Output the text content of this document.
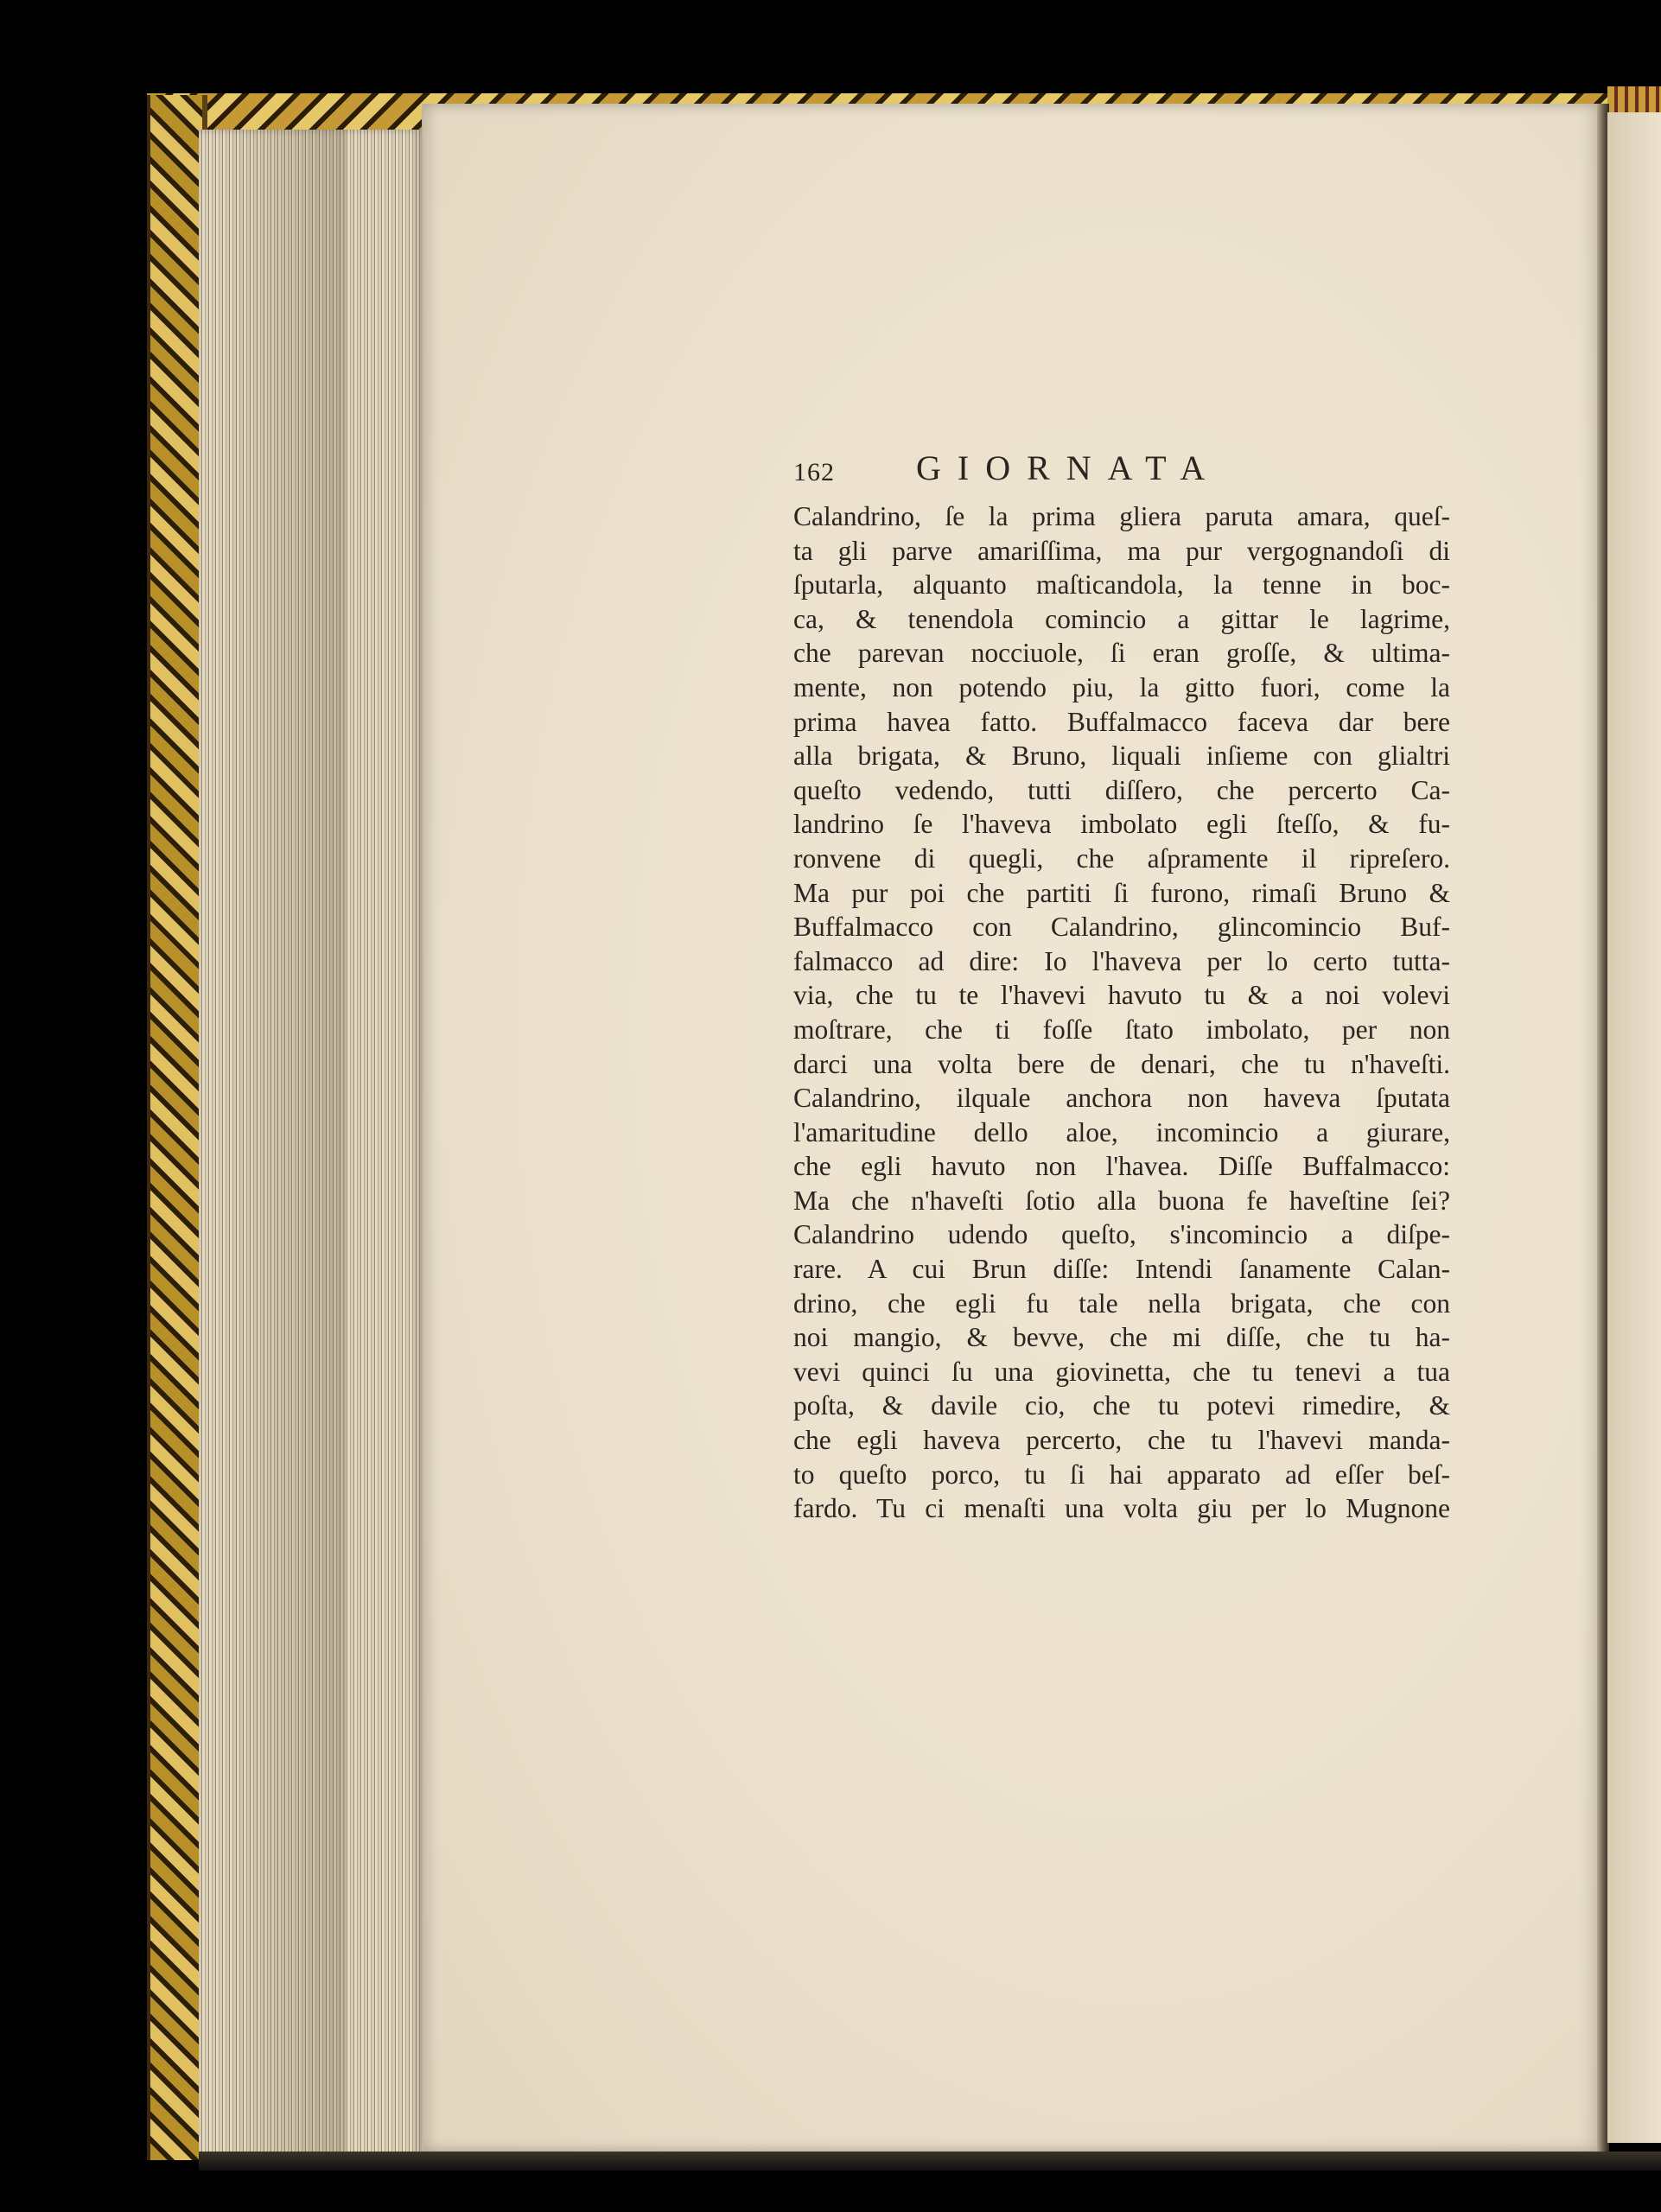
162 GIORNATA
Calandrino, ſe la prima gliera paruta amara, queſ-
ta gli parve amariſſima, ma pur vergognandoſi di
ſputarla, alquanto maſticandola, la tenne in boc-
ca, & tenendola comincio a gittar le lagrime,
che parevan nocciuole, ſi eran groſſe, & ultima-
mente, non potendo piu, la gitto fuori, come la
prima havea fatto. Buffalmacco faceva dar bere
alla brigata, & Bruno, liquali inſieme con glialtri
queſto vedendo, tutti diſſero, che percerto Ca-
landrino ſe l'haveva imbolato egli ſteſſo, & fu-
ronvene di quegli, che aſpramente il ripreſero.
Ma pur poi che partiti ſi furono, rimaſi Bruno &
Buffalmacco con Calandrino, glincomincio Buf-
falmacco ad dire: Io l'haveva per lo certo tutta-
via, che tu te l'havevi havuto tu & a noi volevi
moſtrare, che ti foſſe ſtato imbolato, per non
darci una volta bere de denari, che tu n'haveſti.
Calandrino, ilquale anchora non haveva ſputata
l'amaritudine dello aloe, incomincio a giurare,
che egli havuto non l'havea. Diſſe Buffalmacco:
Ma che n'haveſti ſotio alla buona fe haveſtine ſei?
Calandrino udendo queſto, s'incomincio a diſpe-
rare. A cui Brun diſſe: Intendi ſanamente Calan-
drino, che egli fu tale nella brigata, che con
noi mangio, & bevve, che mi diſſe, che tu ha-
vevi quinci ſu una giovinetta, che tu tenevi a tua
poſta, & davile cio, che tu potevi rimedire, &
che egli haveva percerto, che tu l'havevi manda-
to queſto porco, tu ſi hai apparato ad eſſer beſ-
fardo. Tu ci menaſti una volta giu per lo Mugnone
